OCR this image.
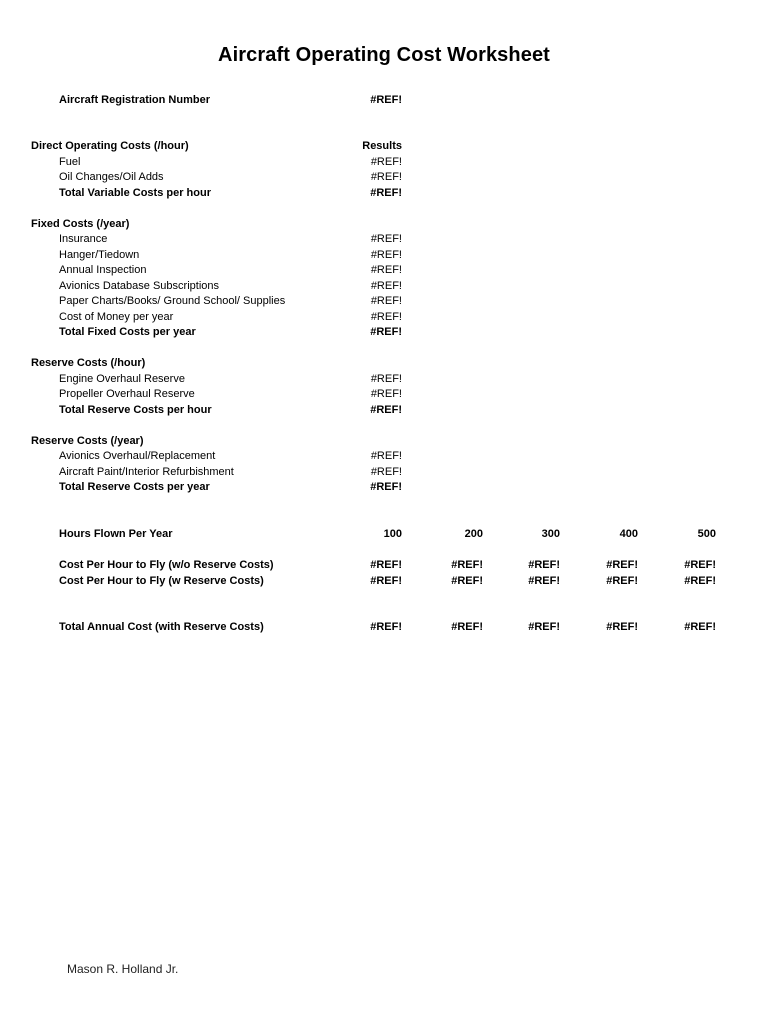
Aircraft Operating Cost Worksheet
Aircraft Registration Number	#REF!
Direct Operating Costs (/hour)	Results
Fuel	#REF!
Oil Changes/Oil Adds	#REF!
Total Variable Costs per hour	#REF!
Fixed Costs (/year)
Insurance	#REF!
Hanger/Tiedown	#REF!
Annual Inspection	#REF!
Avionics Database Subscriptions	#REF!
Paper Charts/Books/ Ground School/ Supplies	#REF!
Cost of Money per year	#REF!
Total Fixed Costs per year	#REF!
Reserve Costs (/hour)
Engine Overhaul Reserve	#REF!
Propeller Overhaul Reserve	#REF!
Total Reserve Costs per hour	#REF!
Reserve Costs (/year)
Avionics Overhaul/Replacement	#REF!
Aircraft Paint/Interior Refurbishment	#REF!
Total Reserve Costs per year	#REF!
Hours Flown Per Year	100	200	300	400	500
Cost Per Hour to Fly (w/o Reserve Costs)	#REF!	#REF!	#REF!	#REF!	#REF!
Cost Per Hour to Fly (w Reserve Costs)	#REF!	#REF!	#REF!	#REF!	#REF!
Total Annual Cost (with Reserve Costs)	#REF!	#REF!	#REF!	#REF!	#REF!
Mason R. Holland Jr.
